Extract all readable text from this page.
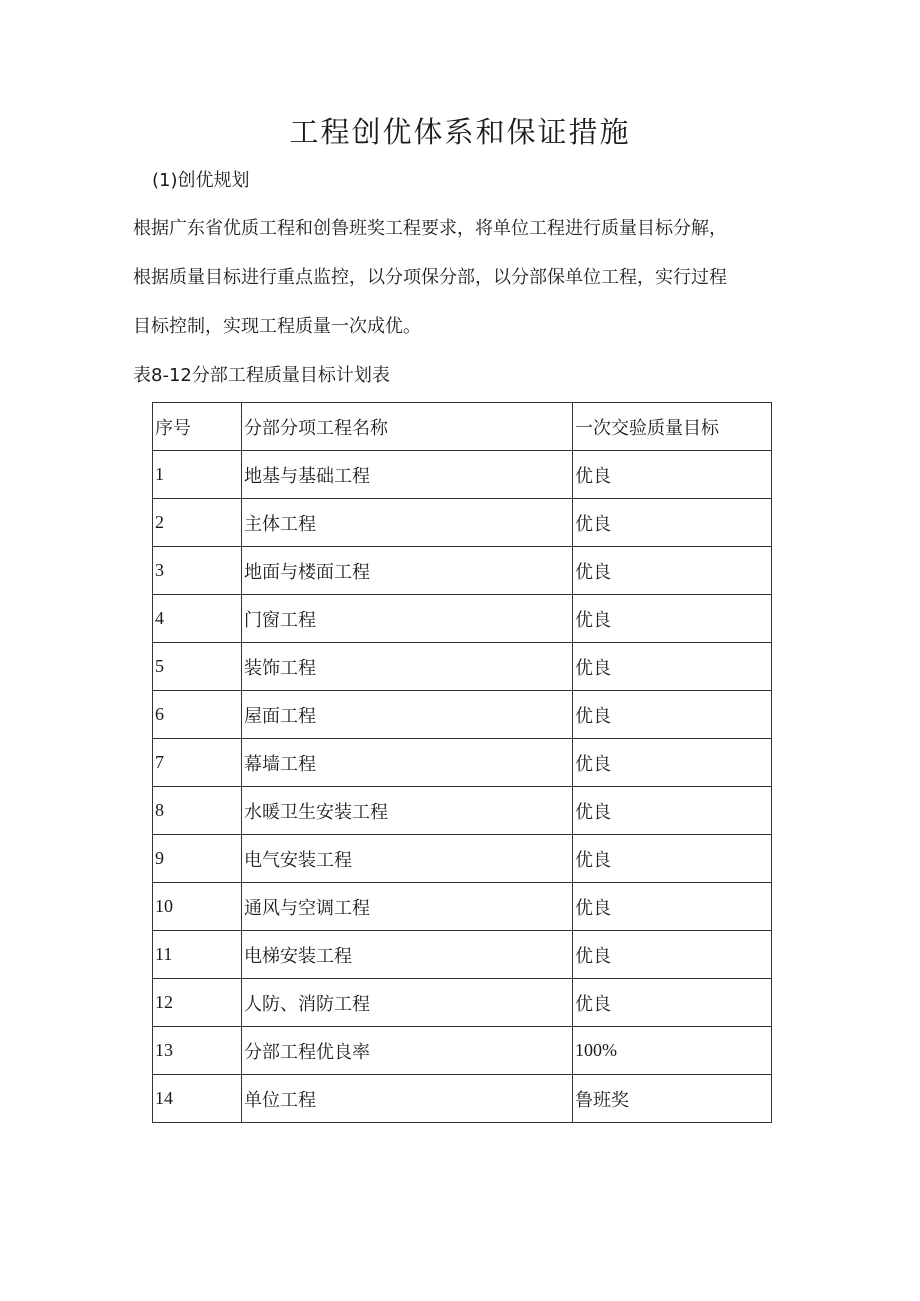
工程创优体系和保证措施
(1)创优规划
根据广东省优质工程和创鲁班奖工程要求，将单位工程进行质量目标分解，
根据质量目标进行重点监控，以分项保分部，以分部保单位工程，实行过程
目标控制，实现工程质量一次成优。
表8-12分部工程质量目标计划表
序号	分部分项工程名称	一次交验质量目标
1	地基与基础工程	优良
2	主体工程	优良
3	地面与楼面工程	优良
4	门窗工程	优良
5	装饰工程	优良
6	屋面工程	优良
7	幕墙工程	优良
8	水暖卫生安装工程	优良
9	电气安装工程	优良
10	通风与空调工程	优良
11	电梯安装工程	优良
12	人防、消防工程	优良
13	分部工程优良率	100%
14	单位工程	鲁班奖
